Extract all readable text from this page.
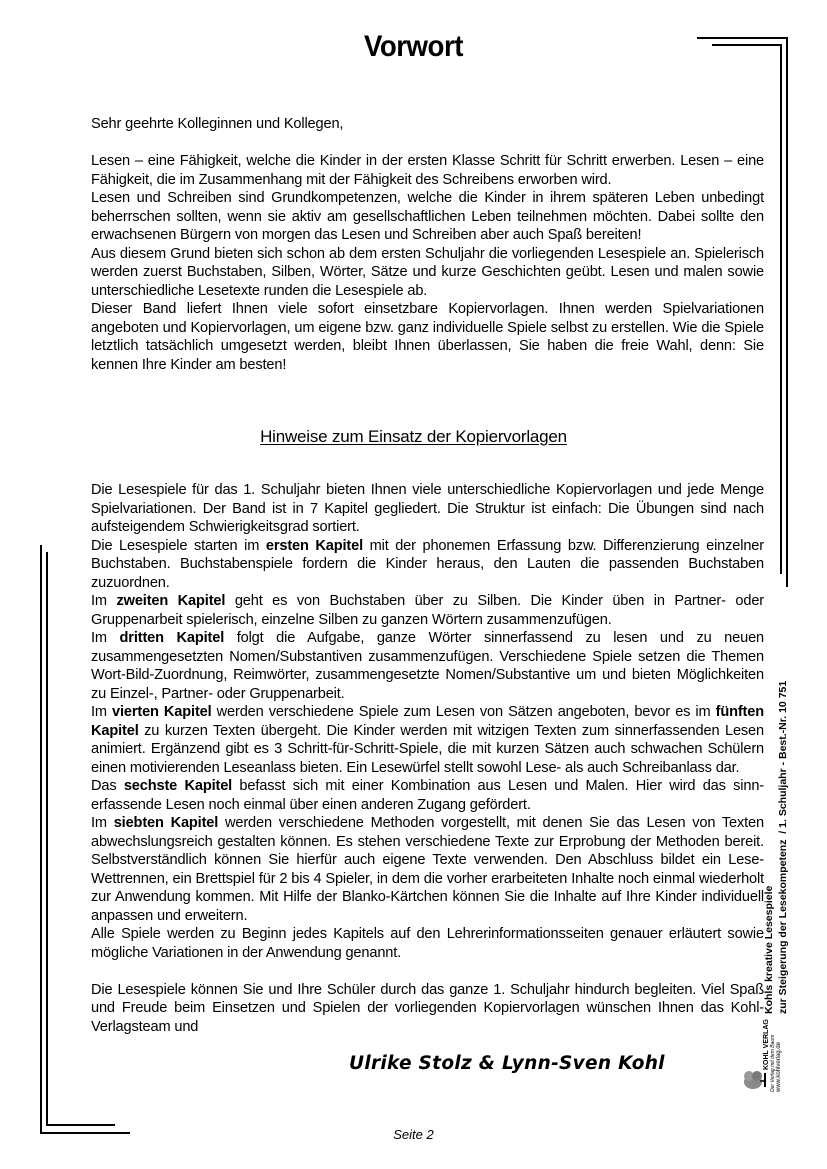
Vorwort

Sehr geehrte Kolleginnen und Kollegen,

Lesen – eine Fähigkeit, welche die Kinder in der ersten Klasse Schritt für Schritt erwerben. Lesen – eine Fähigkeit, die im Zusammenhang mit der Fähigkeit des Schreibens erworben wird.

Lesen und Schreiben sind Grundkompetenzen, welche die Kinder in ihrem späteren Leben unbedingt beherrschen sollten, wenn sie aktiv am gesellschaftlichen Leben teilnehmen möchten. Dabei sollte den erwachsenen Bürgern von morgen das Lesen und Schreiben aber auch Spaß bereiten!

Aus diesem Grund bieten sich schon ab dem ersten Schuljahr die vorliegenden Lesespiele an. Spielerisch werden zuerst Buchstaben, Silben, Wörter, Sätze und kurze Geschichten geübt. Lesen und malen sowie unterschiedliche Lesetexte runden die Lesespiele ab.

Dieser Band liefert Ihnen viele sofort einsetzbare Kopiervorlagen. Ihnen werden Spielvariationen angeboten und Kopiervorlagen, um eigene bzw. ganz individuelle Spiele selbst zu erstellen. Wie die Spiele letztlich tatsächlich umgesetzt werden, bleibt Ihnen überlassen, Sie haben die freie Wahl, denn: Sie kennen Ihre Kinder am besten!

Hinweise zum Einsatz der Kopiervorlagen

Die Lesespiele für das 1. Schuljahr bieten Ihnen viele unterschiedliche Kopiervorlagen und jede Menge Spielvariationen. Der Band ist in 7 Kapitel gegliedert. Die Struktur ist einfach: Die Übungen sind nach aufsteigendem Schwierigkeitsgrad sortiert.

Die Lesespiele starten im ersten Kapitel mit der phonemen Erfassung bzw. Differenzierung einzelner Buchstaben. Buchstabenspiele fordern die Kinder heraus, den Lauten die passenden Buchstaben zuzuordnen.

Im zweiten Kapitel geht es von Buchstaben über zu Silben. Die Kinder üben in Partner- oder Gruppenarbeit spielerisch, einzelne Silben zu ganzen Wörtern zusammenzufügen.

Im dritten Kapitel folgt die Aufgabe, ganze Wörter sinnerfassend zu lesen und zu neuen zusammengesetzten Nomen/Substantiven zusammenzufügen. Verschiedene Spiele setzen die Themen Wort-Bild-Zuordnung, Reimwörter, zusammengesetzte Nomen/Substantive um und bieten Möglichkeiten zu Einzel-, Partner- oder Gruppenarbeit.

Im vierten Kapitel werden verschiedene Spiele zum Lesen von Sätzen angeboten, bevor es im fünften Kapitel zu kurzen Texten übergeht. Die Kinder werden mit witzigen Texten zum sinnerfassenden Lesen animiert. Ergänzend gibt es 3 Schritt-für-Schritt-Spiele, die mit kurzen Sätzen auch schwachen Schülern einen motivierenden Leseanlass bieten. Ein Lesewürfel stellt sowohl Lese- als auch Schreibanlass dar.

Das sechste Kapitel befasst sich mit einer Kombination aus Lesen und Malen. Hier wird das sinn-erfassende Lesen noch einmal über einen anderen Zugang gefördert.

Im siebten Kapitel werden verschiedene Methoden vorgestellt, mit denen Sie das Lesen von Texten abwechslungsreich gestalten können. Es stehen verschiedene Texte zur Erprobung der Methoden bereit. Selbstverständlich können Sie hierfür auch eigene Texte verwenden. Den Abschluss bildet ein Lese-Wettrennen, ein Brettspiel für 2 bis 4 Spieler, in dem die vorher erarbeiteten Inhalte noch einmal wiederholt zur Anwendung kommen. Mit Hilfe der Blanko-Kärtchen können Sie die Inhalte auf Ihre Kinder individuell anpassen und erweitern.

Alle Spiele werden zu Beginn jedes Kapitels auf den Lehrerinformationsseiten genauer erläutert sowie mögliche Variationen in der Anwendung genannt.

Die Lesespiele können Sie und Ihre Schüler durch das ganze 1. Schuljahr hindurch begleiten. Viel Spaß und Freude beim Einsetzen und Spielen der vorliegenden Kopiervorlagen wünschen Ihnen das Kohl-Verlagsteam und

Ulrike Stolz & Lynn-Sven Kohl
Seite 2
Kohls kreative Lesespiele zur Steigerung der Lesekompetenz  / 1. Schuljahr - Best.-Nr. 10 751
KOHL VERLAG Der Verlag mit dem Baum www.kohlverlag.de
